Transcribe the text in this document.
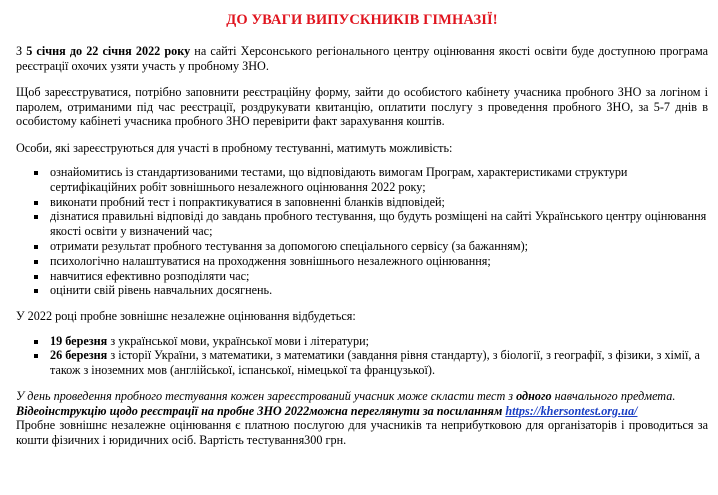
ДО УВАГИ ВИПУСКНИКІВ ГІМНАЗІЇ!

З 5 січня до 22 січня 2022 року на сайті Херсонського регіонального центру оцінювання якості освіти буде доступною програма реєстрації охочих узяти участь у пробному ЗНО.

Щоб зареєструватися, потрібно заповнити реєстраційну форму, зайти до особистого кабінету учасника пробного ЗНО за логіном і паролем, отриманими під час реєстрації, роздрукувати квитанцію, оплатити послугу з проведення пробного ЗНО, за 5-7 днів в особистому кабінеті учасника пробного ЗНО перевірити факт зарахування коштів.

Особи, які зареєструються для участі в пробному тестуванні, матимуть можливість:

ознайомитись із стандартизованими тестами, що відповідають вимогам Програм, характеристиками структури сертифікаційних робіт зовнішнього незалежного оцінювання 2022 року;
виконати пробний тест і попрактикуватися в заповненні бланків відповідей;
дізнатися правильні відповіді до завдань пробного тестування, що будуть розміщені на сайті Українського центру оцінювання якості освіти у визначений час;
отримати результат пробного тестування за допомогою спеціального сервісу (за бажанням);
психологічно налаштуватися на проходження зовнішнього незалежного оцінювання;
навчитися ефективно розподіляти час;
оцінити свій рівень навчальних досягнень.

У 2022 році пробне зовнішнє незалежне оцінювання відбудеться:

19 березня з української мови, української мови і літератури;
26 березня з історії України, з математики, з математики (завдання рівня стандарту), з біології, з географії, з фізики, з хімії, а також з іноземних мов (англійської, іспанської, німецької та французької).

У день проведення пробного тестування кожен зареєстрований учасник може скласти тест з одного навчального предмета.

Відеоінструкцію щодо реєстрації на пробне ЗНО 2022можна переглянути за посиланням https://khersontest.org.ua/

Пробне зовнішнє незалежне оцінювання є платною послугою для учасників та неприбутковою для організаторів і проводиться за кошти фізичних і юридичних осіб. Вартість тестування300 грн.
